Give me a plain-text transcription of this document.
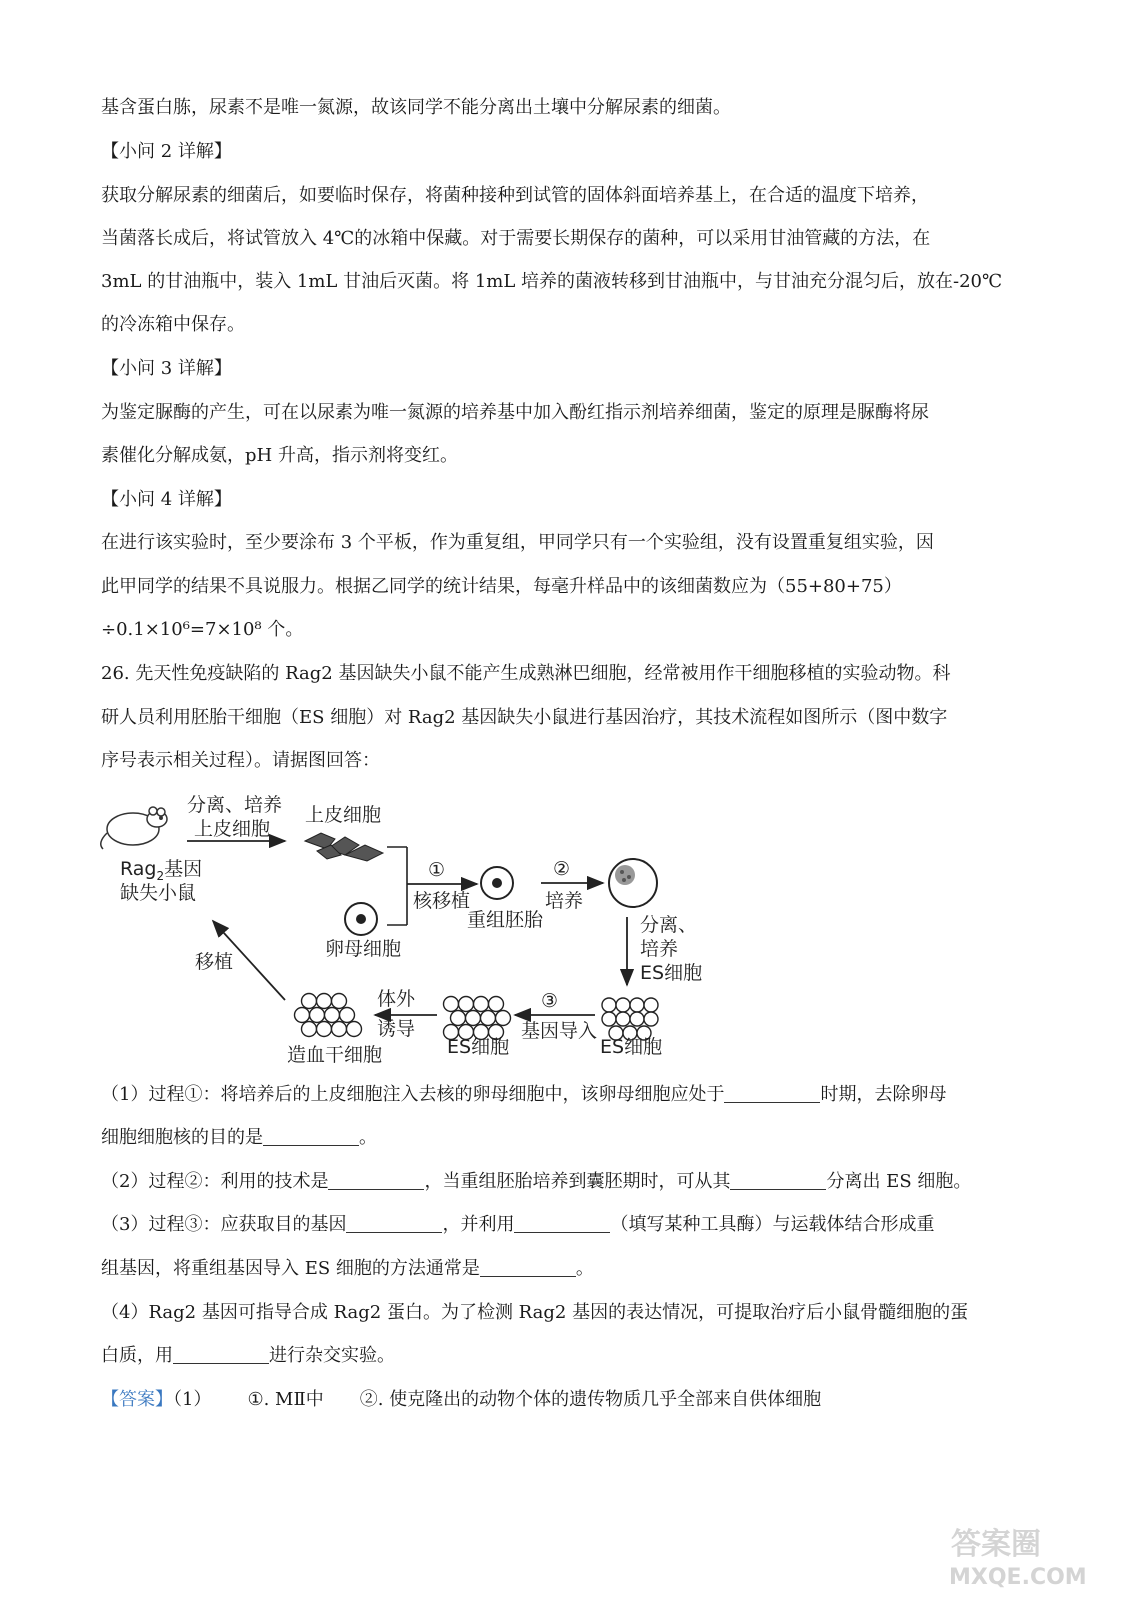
基含蛋白胨，尿素不是唯一氮源，故该同学不能分离出土壤中分解尿素的细菌。

【小问 2 详解】

获取分解尿素的细菌后，如要临时保存，将菌种接种到试管的固体斜面培养基上，在合适的温度下培养，

当菌落长成后，将试管放入 4℃的冰箱中保藏。对于需要长期保存的菌种，可以采用甘油管藏的方法，在

3mL 的甘油瓶中，装入 1mL 甘油后灭菌。将 1mL 培养的菌液转移到甘油瓶中，与甘油充分混匀后，放在-20℃

的冷冻箱中保存。

【小问 3 详解】

为鉴定脲酶的产生，可在以尿素为唯一氮源的培养基中加入酚红指示剂培养细菌，鉴定的原理是脲酶将尿

素催化分解成氨，pH 升高，指示剂将变红。

【小问 4 详解】

在进行该实验时，至少要涂布 3 个平板，作为重复组，甲同学只有一个实验组，没有设置重复组实验，因

此甲同学的结果不具说服力。根据乙同学的统计结果，每毫升样品中的该细菌数应为（55+80+75）

÷0.1×10⁶=7×10⁸ 个。

26. 先天性免疫缺陷的 Rag2 基因缺失小鼠不能产生成熟淋巴细胞，经常被用作干细胞移植的实验动物。科

研人员利用胚胎干细胞（ES 细胞）对 Rag2 基因缺失小鼠进行基因治疗，其技术流程如图所示（图中数字

序号表示相关过程）。请据图回答：

Rag$_2$基因
缺失小鼠
分离、培养
上皮细胞
上皮细胞
①
核移植
卵母细胞
重组胚胎
②
培养
分离、
培养
ES细胞
ES细胞
③
基因导入
ES细胞
体外
诱导
造血干细胞
移植

（1）过程①：将培养后的上皮细胞注入去核的卵母细胞中，该卵母细胞应处于	时期，去除卵母

细胞细胞核的目的是	。

（2）过程②：利用的技术是	，当重组胚胎培养到囊胚期时，可从其	分离出 ES 细胞。

（3）过程③：应获取目的基因	，并利用	（填写某种工具酶）与运载体结合形成重

组基因，将重组基因导入 ES 细胞的方法通常是	。

（4）Rag2 基因可指导合成 Rag2 蛋白。为了检测 Rag2 基因的表达情况，可提取治疗后小鼠骨髓细胞的蛋

白质，用	进行杂交实验。

【答案】（1） ①. MⅡ中 ②. 使克隆出的动物个体的遗传物质几乎全部来自供体细胞

答案圈
MXQE.COM
